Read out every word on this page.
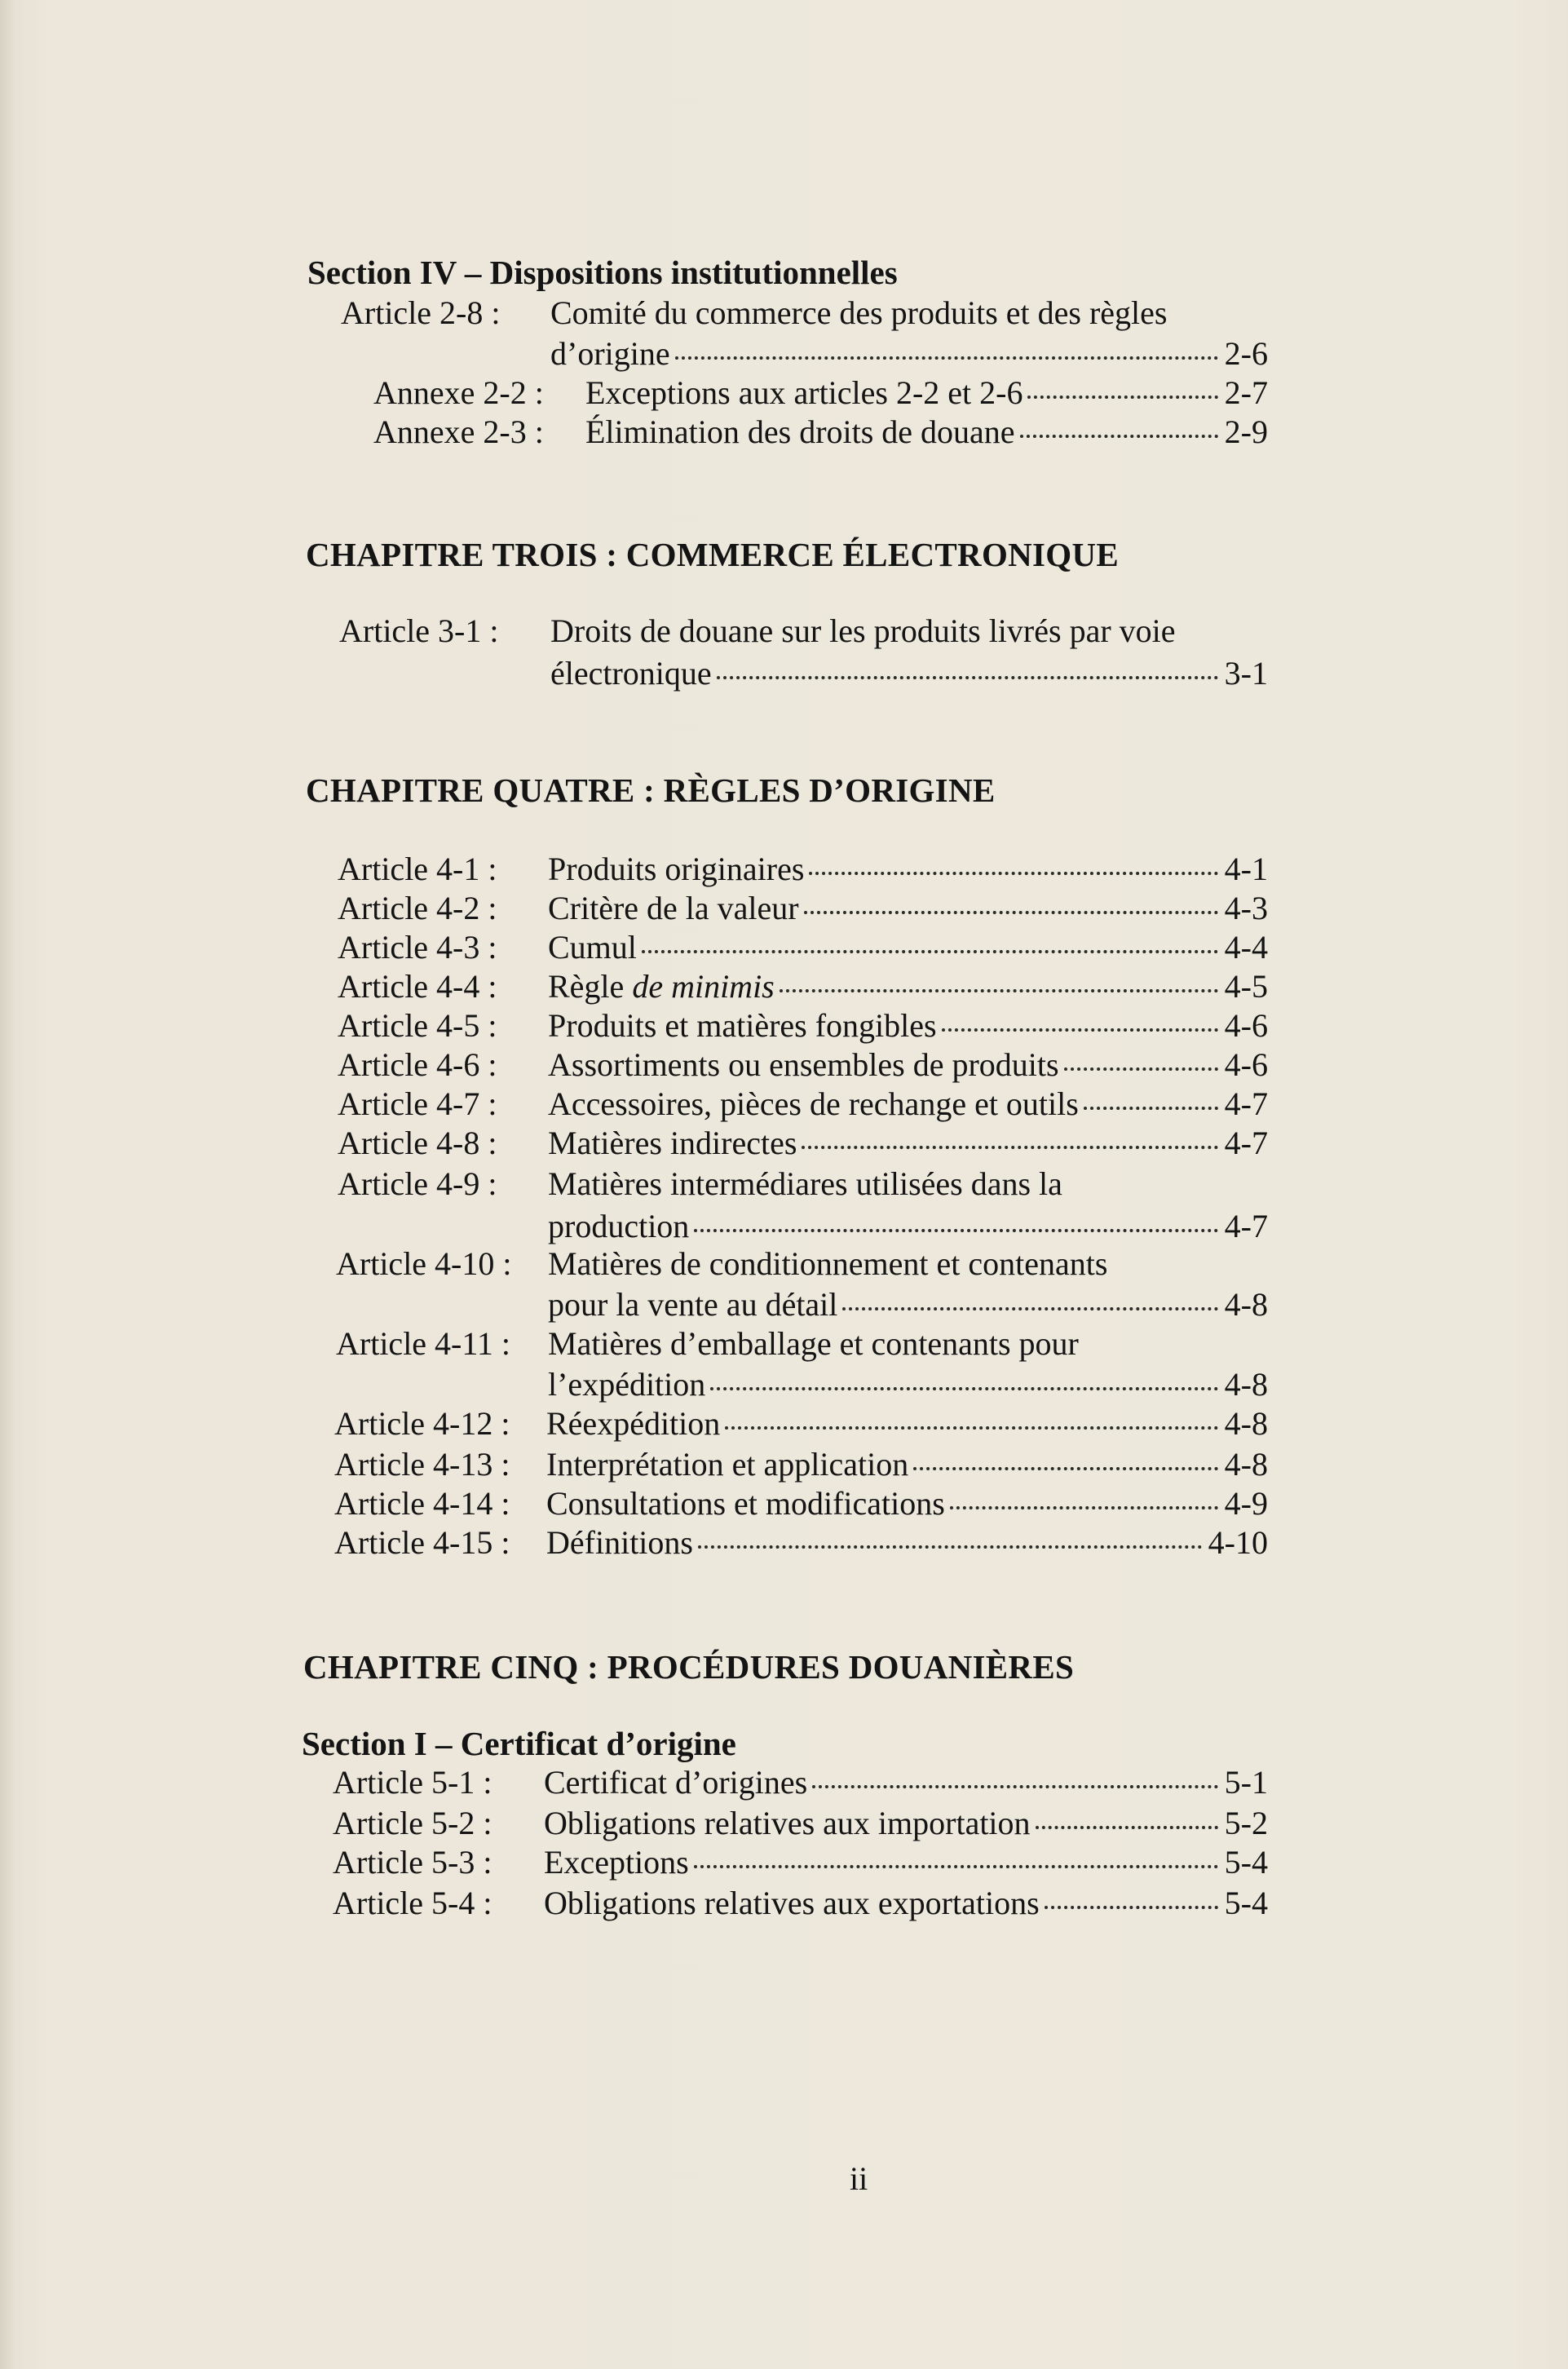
Section IV – Dispositions institutionnelles
Article 2-8 : Comité du commerce des produits et des règles
d’origine	2-6
Annexe 2-2 : Exceptions aux articles 2-2 et 2-6	2-7
Annexe 2-3 : Élimination des droits de douane	2-9
CHAPITRE TROIS : COMMERCE ÉLECTRONIQUE
Article 3-1 : Droits de douane sur les produits livrés par voie
électronique	3-1
CHAPITRE QUATRE : RÈGLES D’ORIGINE
Article 4-1 : Produits originaires	4-1
Article 4-2 : Critère de la valeur	4-3
Article 4-3 : Cumul	4-4
Article 4-4 : Règle de minimis	4-5
Article 4-5 : Produits et matières fongibles	4-6
Article 4-6 : Assortiments ou ensembles de produits	4-6
Article 4-7 : Accessoires, pièces de rechange et outils	4-7
Article 4-8 : Matières indirectes	4-7
Article 4-9 : Matières intermédiares utilisées dans la
production	4-7
Article 4-10 : Matières de conditionnement et contenants
pour la vente au détail	4-8
Article 4-11 : Matières d’emballage et contenants pour
l’expédition	4-8
Article 4-12 : Réexpédition	4-8
Article 4-13 : Interprétation et application	4-8
Article 4-14 : Consultations et modifications	4-9
Article 4-15 : Définitions	4-10
CHAPITRE CINQ : PROCÉDURES DOUANIÈRES
Section I – Certificat d’origine
Article 5-1 : Certificat d’origines	5-1
Article 5-2 : Obligations relatives aux importation	5-2
Article 5-3 : Exceptions	5-4
Article 5-4 : Obligations relatives aux exportations	5-4
ii
